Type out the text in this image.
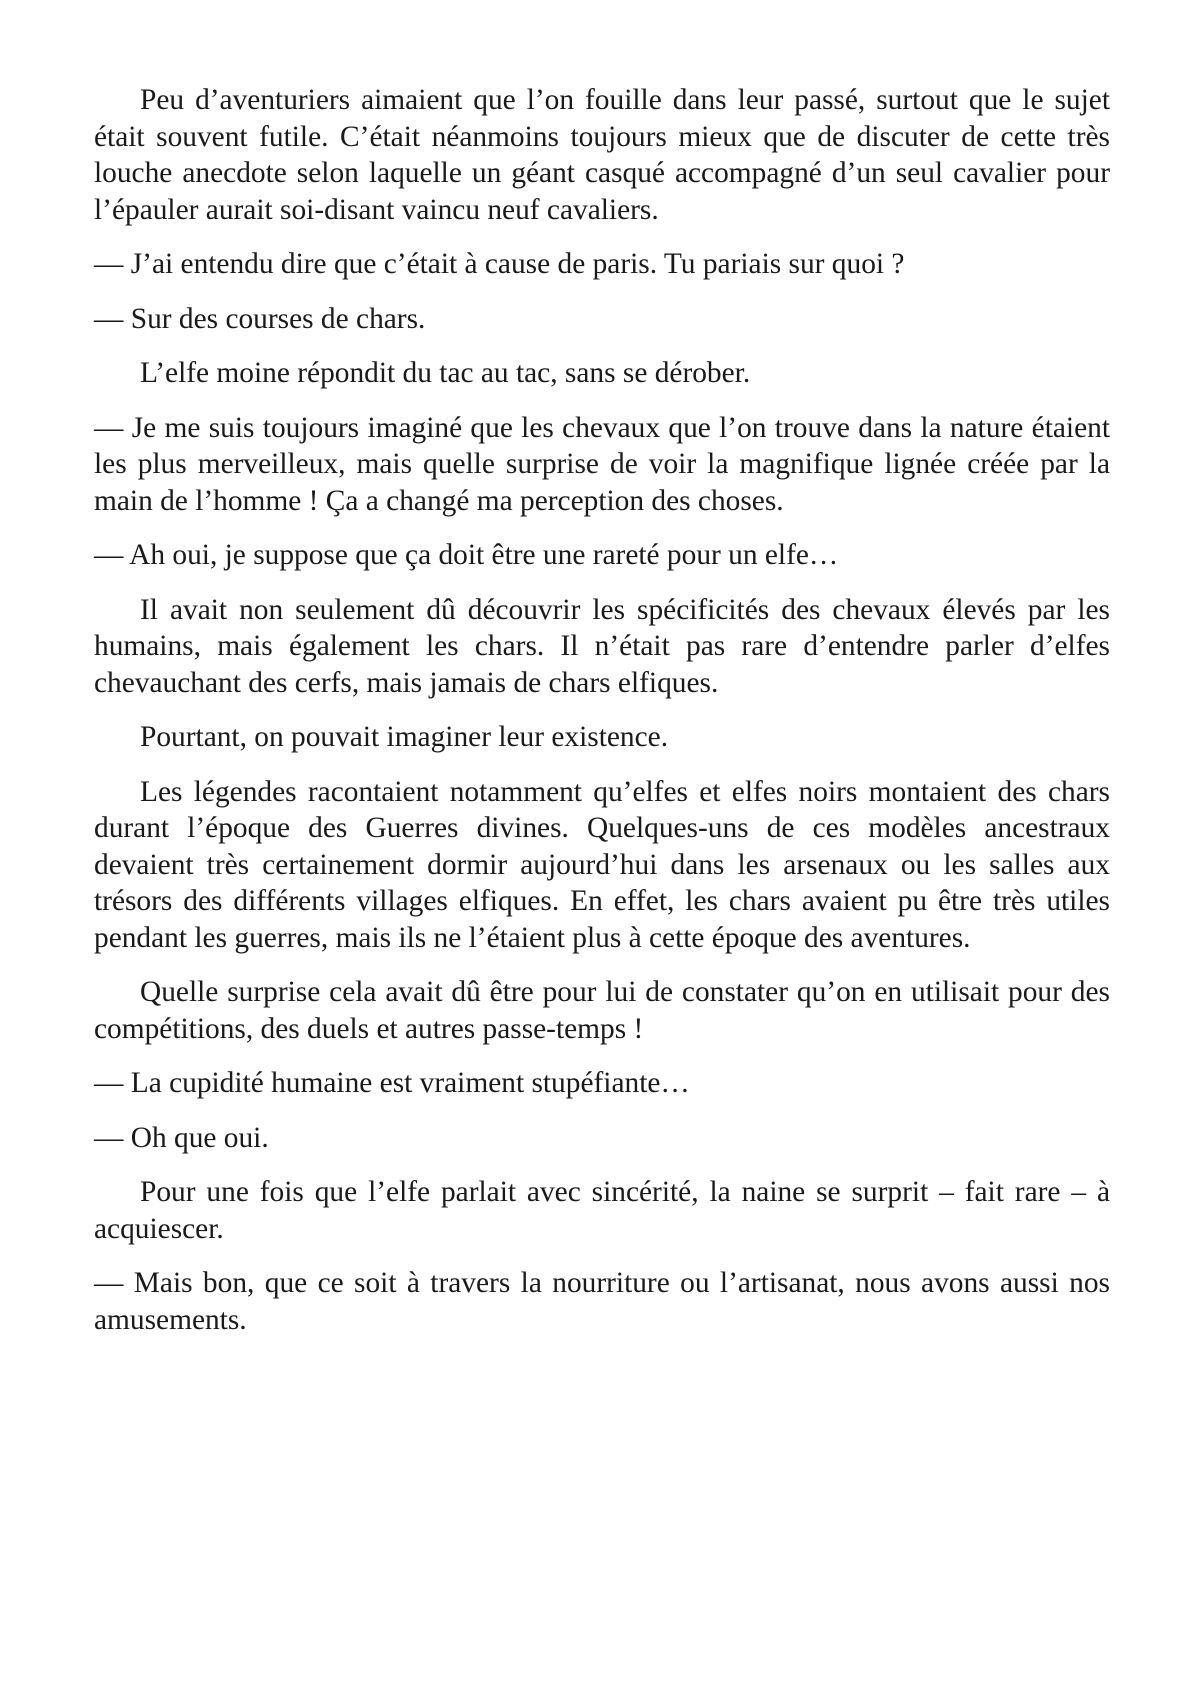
Peu d’aventuriers aimaient que l’on fouille dans leur passé, surtout que le sujet était souvent futile. C’était néanmoins toujours mieux que de discuter de cette très louche anecdote selon laquelle un géant casqué accompagné d’un seul cavalier pour l’épauler aurait soi-disant vaincu neuf cavaliers.

— J’ai entendu dire que c’était à cause de paris. Tu pariais sur quoi ?

— Sur des courses de chars.

L’elfe moine répondit du tac au tac, sans se dérober.

— Je me suis toujours imaginé que les chevaux que l’on trouve dans la nature étaient les plus merveilleux, mais quelle surprise de voir la magnifique lignée créée par la main de l’homme ! Ça a changé ma perception des choses.

— Ah oui, je suppose que ça doit être une rareté pour un elfe…

Il avait non seulement dû découvrir les spécificités des chevaux élevés par les humains, mais également les chars. Il n’était pas rare d’entendre parler d’elfes chevauchant des cerfs, mais jamais de chars elfiques.

Pourtant, on pouvait imaginer leur existence.

Les légendes racontaient notamment qu’elfes et elfes noirs montaient des chars durant l’époque des Guerres divines. Quelques-uns de ces modèles ancestraux devaient très certainement dormir aujourd’hui dans les arsenaux ou les salles aux trésors des différents villages elfiques. En effet, les chars avaient pu être très utiles pendant les guerres, mais ils ne l’étaient plus à cette époque des aventures.

Quelle surprise cela avait dû être pour lui de constater qu’on en utilisait pour des compétitions, des duels et autres passe-temps !

— La cupidité humaine est vraiment stupéfiante…

— Oh que oui.

Pour une fois que l’elfe parlait avec sincérité, la naine se surprit – fait rare – à acquiescer.

— Mais bon, que ce soit à travers la nourriture ou l’artisanat, nous avons aussi nos amusements.
